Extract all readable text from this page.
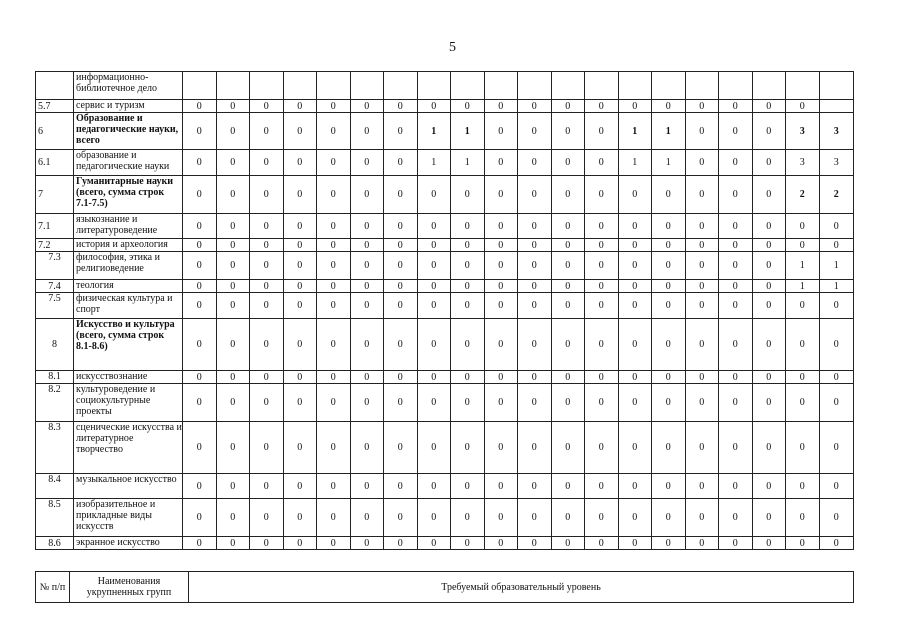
5
	информационно-библиотечное дело																				
5.7	сервис и туризм	0	0	0	0	0	0	0	0	0	0	0	0	0	0	0	0	0	0	0	
6	Образование и педагогические науки, всего	0	0	0	0	0	0	0	1	1	0	0	0	0	1	1	0	0	0	3	3
6.1	образование и педагогические науки	0	0	0	0	0	0	0	1	1	0	0	0	0	1	1	0	0	0	3	3
7	Гуманитарные науки (всего, сумма строк 7.1-7.5)	0	0	0	0	0	0	0	0	0	0	0	0	0	0	0	0	0	0	2	2
7.1	языкознание и литературоведение	0	0	0	0	0	0	0	0	0	0	0	0	0	0	0	0	0	0	0	0
7.2	история и археология	0	0	0	0	0	0	0	0	0	0	0	0	0	0	0	0	0	0	0	0
7.3	философия, этика и религиоведение	0	0	0	0	0	0	0	0	0	0	0	0	0	0	0	0	0	0	1	1
7.4	теология	0	0	0	0	0	0	0	0	0	0	0	0	0	0	0	0	0	0	1	1
7.5	физическая культура и спорт	0	0	0	0	0	0	0	0	0	0	0	0	0	0	0	0	0	0	0	0
8	Искусство и культура (всего, сумма строк 8.1-8.6)	0	0	0	0	0	0	0	0	0	0	0	0	0	0	0	0	0	0	0	0
8.1	искусствознание	0	0	0	0	0	0	0	0	0	0	0	0	0	0	0	0	0	0	0	0
8.2	культуроведение и социокультурные проекты	0	0	0	0	0	0	0	0	0	0	0	0	0	0	0	0	0	0	0	0
8.3	сценические искусства и литературное творчество	0	0	0	0	0	0	0	0	0	0	0	0	0	0	0	0	0	0	0	0
8.4	музыкальное искусство	0	0	0	0	0	0	0	0	0	0	0	0	0	0	0	0	0	0	0	0
8.5	изобразительное и прикладные виды искусств	0	0	0	0	0	0	0	0	0	0	0	0	0	0	0	0	0	0	0	0
8.6	экранное искусство	0	0	0	0	0	0	0	0	0	0	0	0	0	0	0	0	0	0	0	0
№ п/п	Наименования укрупненных групп	Требуемый образовательный уровень
